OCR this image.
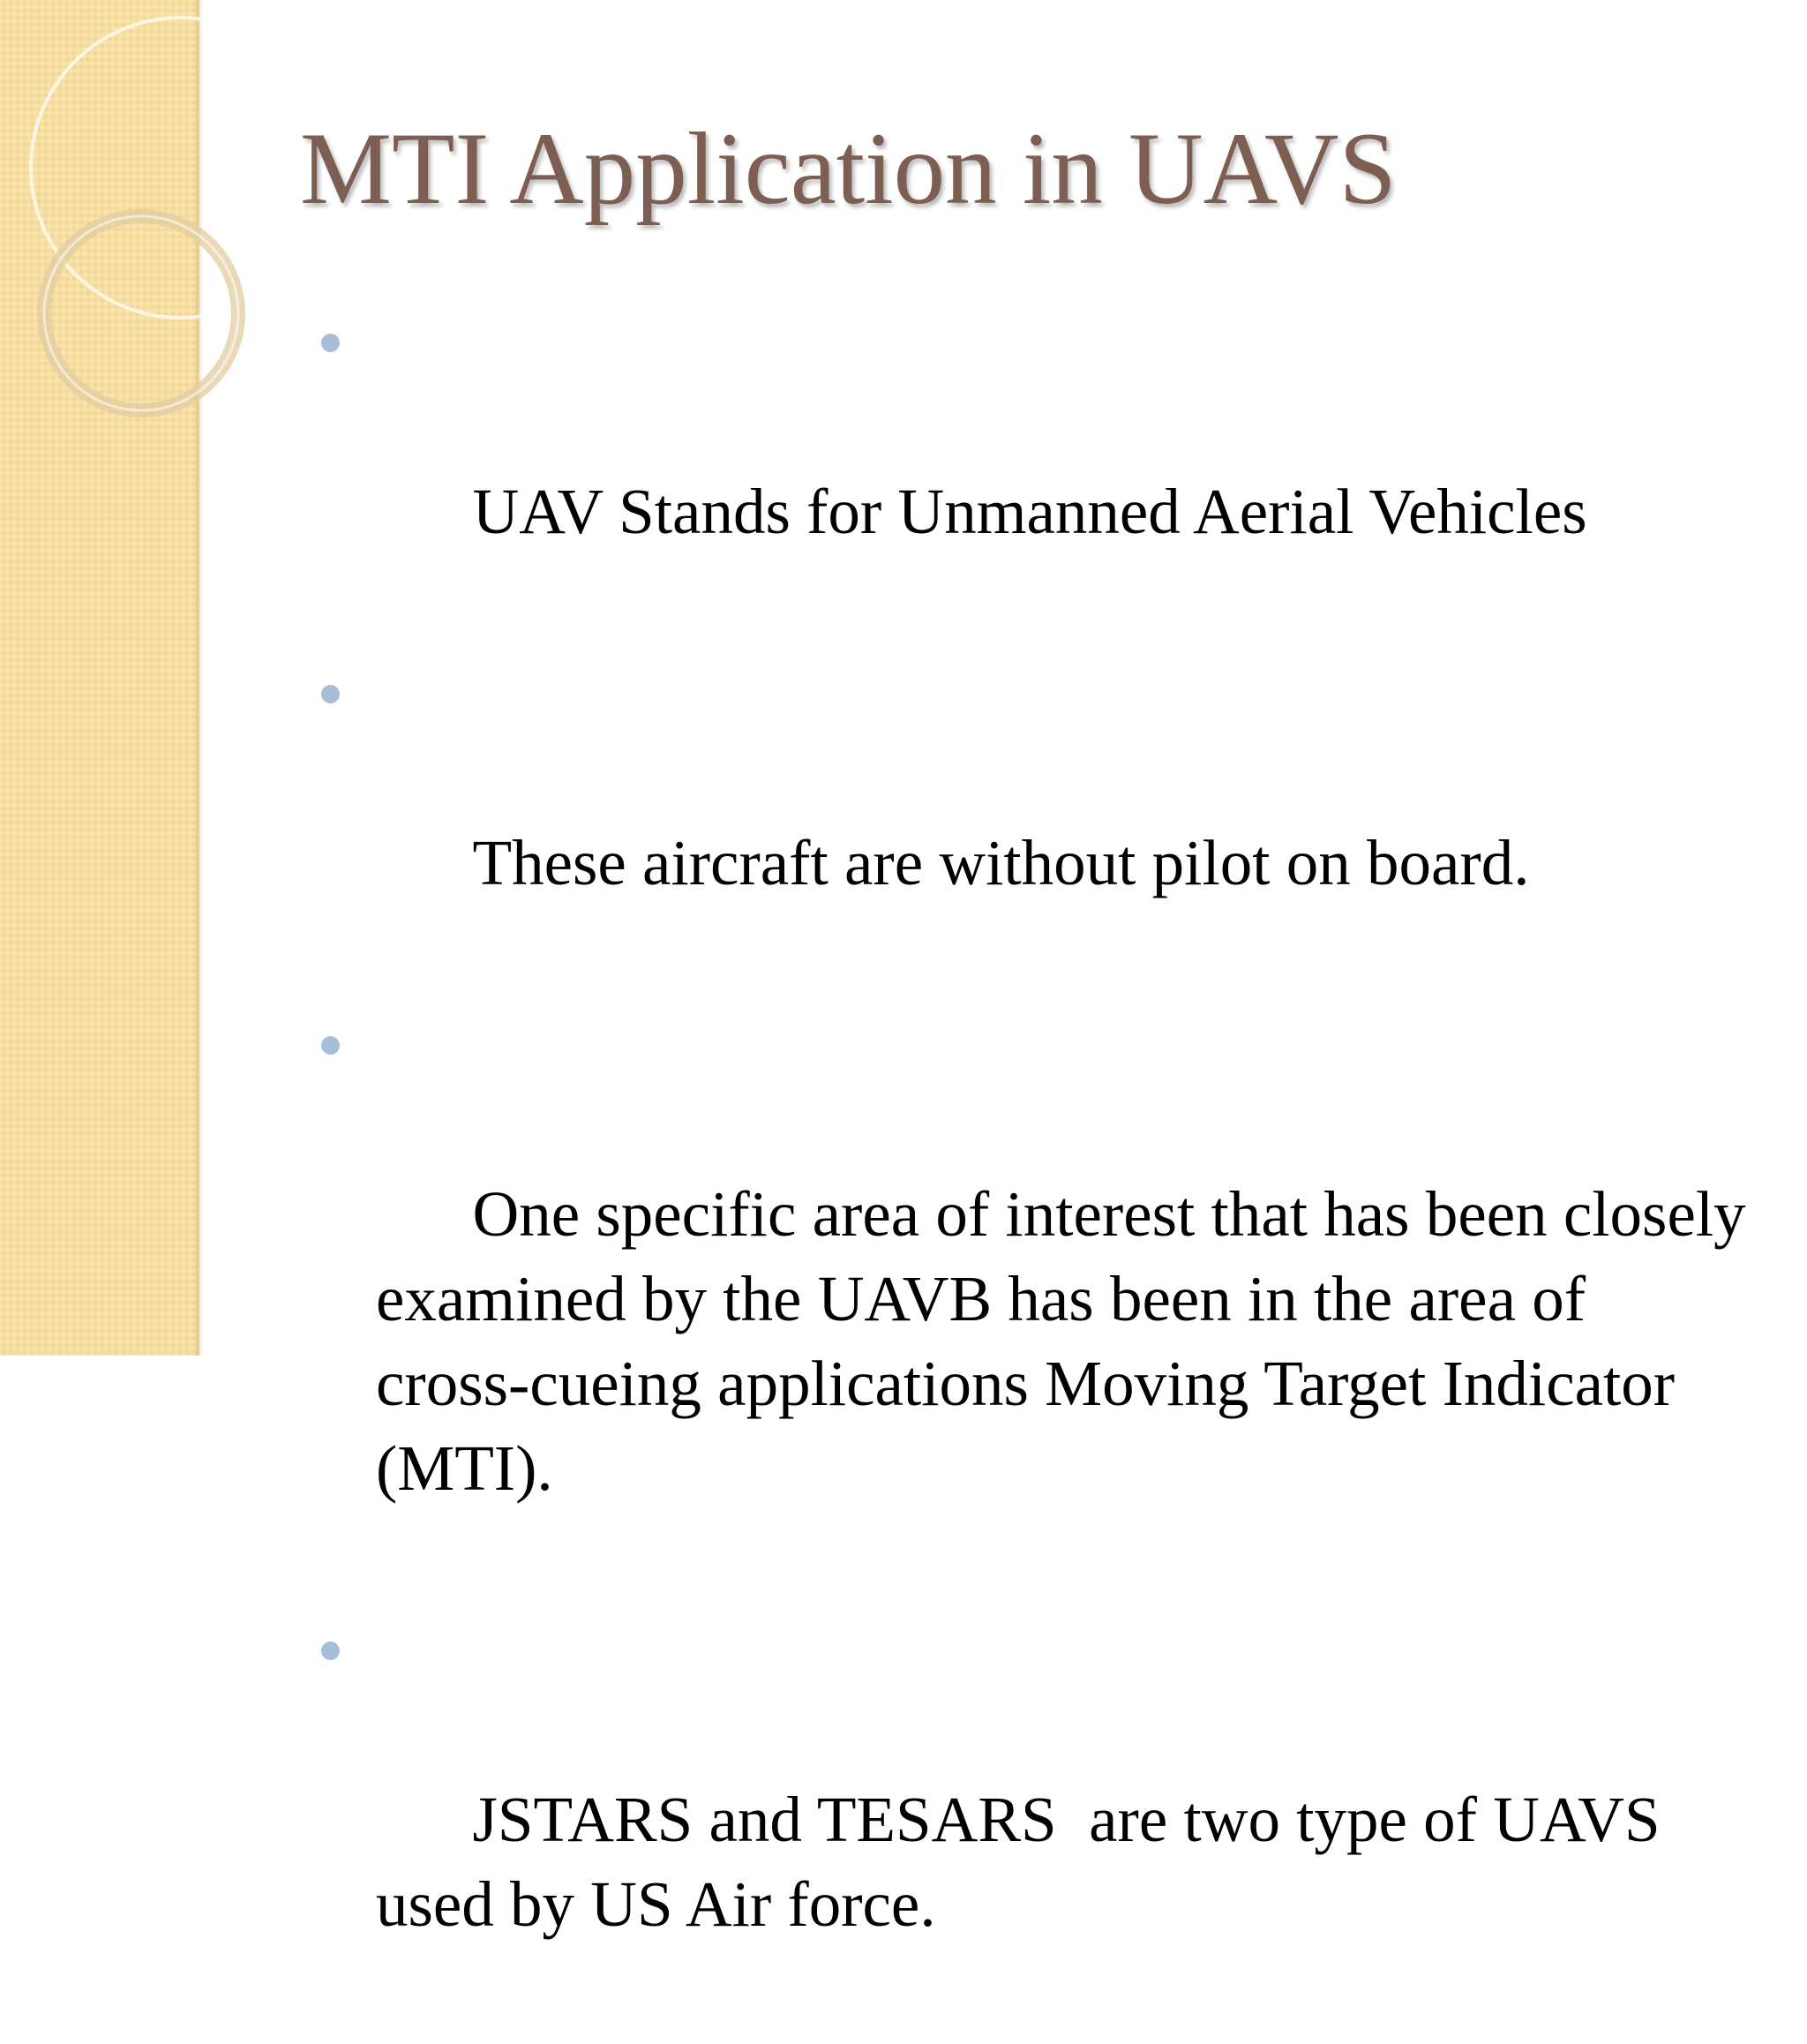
MTI Application in UAVS

UAV Stands for Unmanned Aerial Vehicles

These aircraft are without pilot on board.

One specific area of interest that has been closely examined by the UAVB has been in the area of cross-cueing applications Moving Target Indicator (MTI).

JSTARS and TESARS  are two type of UAVS used by US Air force.
